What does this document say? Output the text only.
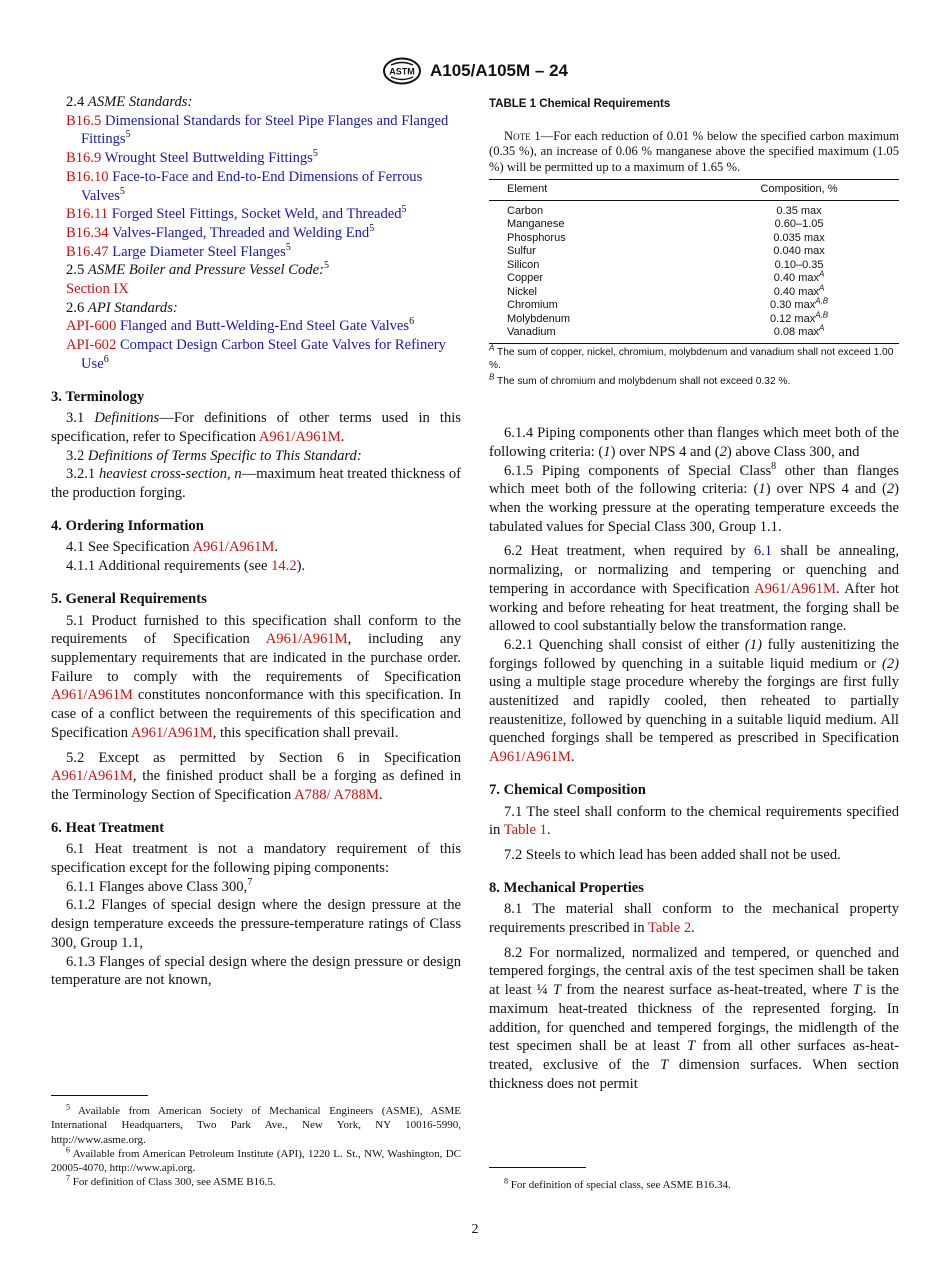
ASTM A105/A105M – 24

2.4 ASME Standards:

B16.5 Dimensional Standards for Steel Pipe Flanges and Flanged Fittings$^5$

B16.9 Wrought Steel Buttwelding Fittings$^5$

B16.10 Face-to-Face and End-to-End Dimensions of Ferrous Valves$^5$

B16.11 Forged Steel Fittings, Socket Weld, and Threaded$^5$

B16.34 Valves-Flanged, Threaded and Welding End$^5$

B16.47 Large Diameter Steel Flanges$^5$

2.5 ASME Boiler and Pressure Vessel Code:$^5$

Section IX

2.6 API Standards:

API-600 Flanged and Butt-Welding-End Steel Gate Valves$^6$

API-602 Compact Design Carbon Steel Gate Valves for Refinery Use$^6$

3. Terminology

3.1 Definitions—For definitions of other terms used in this specification, refer to Specification A961/A961M.

3.2 Definitions of Terms Specific to This Standard:

3.2.1 heaviest cross-section, n—maximum heat treated thickness of the production forging.

4. Ordering Information

4.1 See Specification A961/A961M.

4.1.1 Additional requirements (see 14.2).

5. General Requirements

5.1 Product furnished to this specification shall conform to the requirements of Specification A961/A961M, including any supplementary requirements that are indicated in the purchase order. Failure to comply with the requirements of Specification A961/A961M constitutes nonconformance with this specification. In case of a conflict between the requirements of this specification and Specification A961/A961M, this specification shall prevail.

5.2 Except as permitted by Section 6 in Specification A961/A961M, the finished product shall be a forging as defined in the Terminology Section of Specification A788/ A788M.

6. Heat Treatment

6.1 Heat treatment is not a mandatory requirement of this specification except for the following piping components:

6.1.1 Flanges above Class 300,$^7$

6.1.2 Flanges of special design where the design pressure at the design temperature exceeds the pressure-temperature ratings of Class 300, Group 1.1,

6.1.3 Flanges of special design where the design pressure or design temperature are not known,

$^5$ Available from American Society of Mechanical Engineers (ASME), ASME International Headquarters, Two Park Ave., New York, NY 10016-5990, http://www.asme.org.

$^6$ Available from American Petroleum Institute (API), 1220 L. St., NW, Washington, DC 20005-4070, http://www.api.org.

$^7$ For definition of Class 300, see ASME B16.5.

TABLE 1 Chemical Requirements

Note 1—For each reduction of 0.01 % below the specified carbon maximum (0.35 %), an increase of 0.06 % manganese above the specified maximum (1.05 %) will be permitted up to a maximum of 1.65 %.

Element	Composition, %
Carbon	0.35 max
Manganese	0.60–1.05
Phosphorus	0.035 max
Sulfur	0.040 max
Silicon	0.10–0.35
Copper	0.40 $\max^A$
Nickel	0.40 $\max^A$
Chromium	0.30 $\max^{A,B}$
Molybdenum	0.12 $\max^{A,B}$
Vanadium	0.08 $\max^A$

$^A$ The sum of copper, nickel, chromium, molybdenum and vanadium shall not exceed 1.00 %.

$^B$ The sum of chromium and molybdenum shall not exceed 0.32 %.

6.1.4 Piping components other than flanges which meet both of the following criteria: (1) over NPS 4 and (2) above Class 300, and

6.1.5 Piping components of Special Class$^8$ other than flanges which meet both of the following criteria: (1) over NPS 4 and (2) when the working pressure at the operating temperature exceeds the tabulated values for Special Class 300, Group 1.1.

6.2 Heat treatment, when required by 6.1 shall be annealing, normalizing, or normalizing and tempering or quenching and tempering in accordance with Specification A961/A961M. After hot working and before reheating for heat treatment, the forging shall be allowed to cool substantially below the transformation range.

6.2.1 Quenching shall consist of either (1) fully austenitizing the forgings followed by quenching in a suitable liquid medium or (2) using a multiple stage procedure whereby the forgings are first fully austenitized and rapidly cooled, then reheated to partially reaustenitize, followed by quenching in a suitable liquid medium. All quenched forgings shall be tempered as prescribed in Specification A961/A961M.

7. Chemical Composition

7.1 The steel shall conform to the chemical requirements specified in Table 1.

7.2 Steels to which lead has been added shall not be used.

8. Mechanical Properties

8.1 The material shall conform to the mechanical property requirements prescribed in Table 2.

8.2 For normalized, normalized and tempered, or quenched and tempered forgings, the central axis of the test specimen shall be taken at least ¼ T from the nearest surface as-heat-treated, where T is the maximum heat-treated thickness of the represented forging. In addition, for quenched and tempered forgings, the midlength of the test specimen shall be at least T from all other surfaces as-heat-treated, exclusive of the T dimension surfaces. When section thickness does not permit

$^8$ For definition of special class, see ASME B16.34.

2
